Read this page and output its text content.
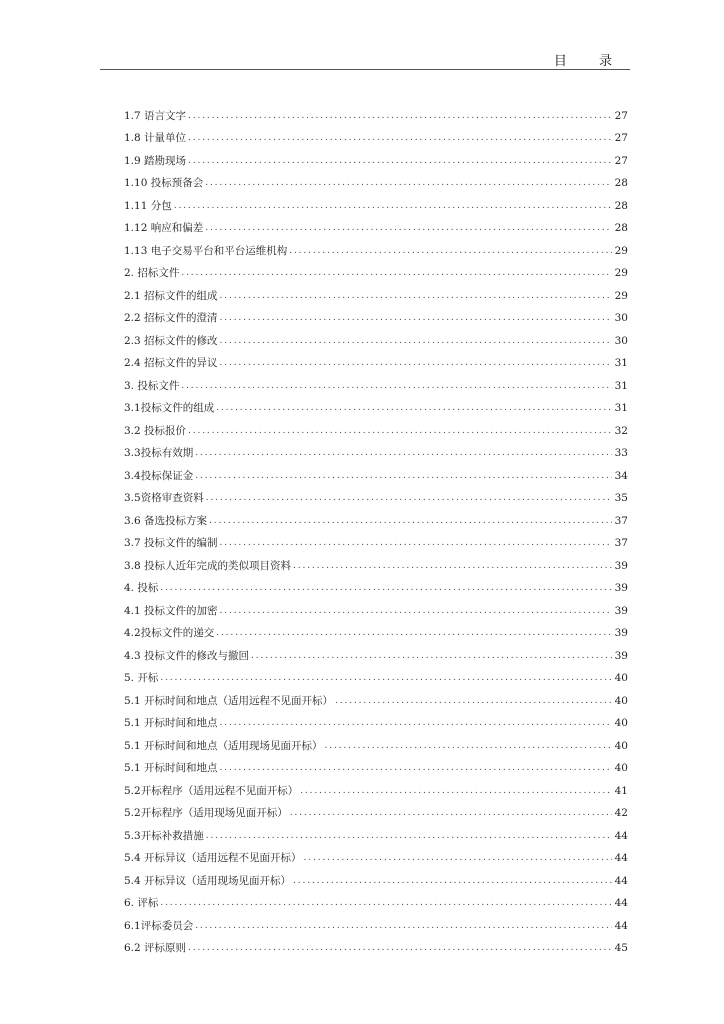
目 录
1.7 语言文字 . . .	27
1.8 计量单位 . . .	27
1.9 踏勘现场 . . .	27
1.10 投标预备会 . . .	28
1.11 分包 . . .	28
1.12 响应和偏差 . . .	28
1.13 电子交易平台和平台运维机构 . . .	29
2. 招标文件 . . .	29
2.1 招标文件的组成 . . .	29
2.2 招标文件的澄清 . . .	30
2.3 招标文件的修改 . . .	30
2.4 招标文件的异议 . . .	31
3. 投标文件 . . .	31
3.1投标文件的组成 . . .	31
3.2 投标报价 . . .	32
3.3投标有效期 . . .	33
3.4投标保证金 . . .	34
3.5资格审查资料 . . .	35
3.6 备选投标方案 . . .	37
3.7 投标文件的编制 . . .	37
3.8 投标人近年完成的类似项目资料 . . .	39
4. 投标 . . .	39
4.1 投标文件的加密 . . .	39
4.2投标文件的递交 . . .	39
4.3 投标文件的修改与撤回 . . .	39
5. 开标 . . .	40
5.1 开标时间和地点（适用远程不见面开标） . . .	40
5.1 开标时间和地点 . . .	40
5.1 开标时间和地点（适用现场见面开标） . . .	40
5.1 开标时间和地点 . . .	40
5.2开标程序（适用远程不见面开标） . . .	41
5.2开标程序（适用现场见面开标） . . .	42
5.3开标补救措施 . . .	44
5.4 开标异议（适用远程不见面开标） . . .	44
5.4 开标异议（适用现场见面开标） . . .	44
6. 评标 . . .	44
6.1评标委员会 . . .	44
6.2 评标原则 . . .	45
